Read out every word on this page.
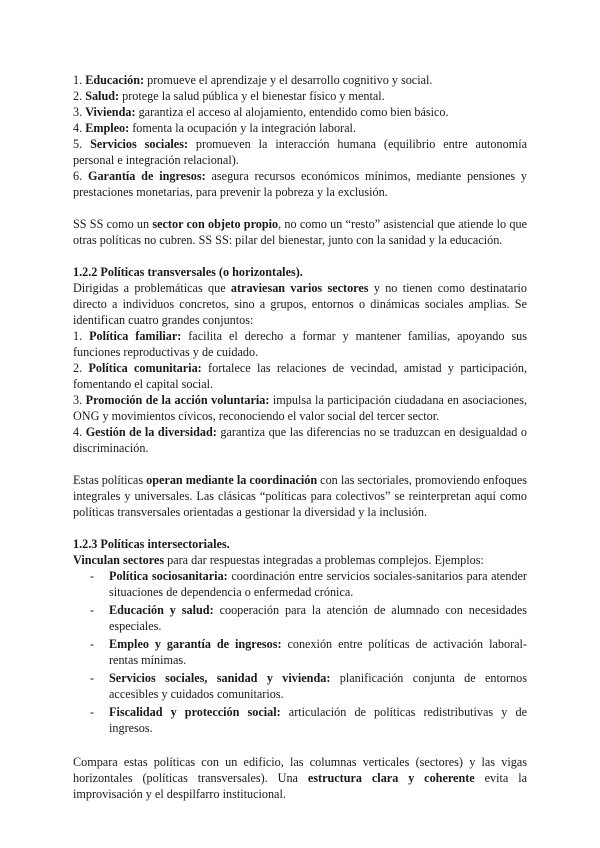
1. Educación: promueve el aprendizaje y el desarrollo cognitivo y social.

2. Salud: protege la salud pública y el bienestar físico y mental.

3. Vivienda: garantiza el acceso al alojamiento, entendido como bien básico.

4. Empleo: fomenta la ocupación y la integración laboral.

5. Servicios sociales: promueven la interacción humana (equilibrio entre autonomía personal e integración relacional).

6. Garantía de ingresos: asegura recursos económicos mínimos, mediante pensiones y prestaciones monetarias, para prevenir la pobreza y la exclusión.

SS SS como un sector con objeto propio, no como un “resto” asistencial que atiende lo que otras políticas no cubren. SS SS: pilar del bienestar, junto con la sanidad y la educación.

1.2.2 Políticas transversales (o horizontales).

Dirigidas a problemáticas que atraviesan varios sectores y no tienen como destinatario directo a individuos concretos, sino a grupos, entornos o dinámicas sociales amplias. Se identifican cuatro grandes conjuntos:

1. Política familiar: facilita el derecho a formar y mantener familias, apoyando sus funciones reproductivas y de cuidado.

2. Política comunitaria: fortalece las relaciones de vecindad, amistad y participación, fomentando el capital social.

3. Promoción de la acción voluntaria: impulsa la participación ciudadana en asociaciones, ONG y movimientos cívicos, reconociendo el valor social del tercer sector.

4. Gestión de la diversidad: garantiza que las diferencias no se traduzcan en desigualdad o discriminación.

Estas políticas operan mediante la coordinación con las sectoriales, promoviendo enfoques integrales y universales. Las clásicas “políticas para colectivos” se reinterpretan aquí como políticas transversales orientadas a gestionar la diversidad y la inclusión.

1.2.3 Políticas intersectoriales.

Vinculan sectores para dar respuestas integradas a problemas complejos. Ejemplos:

- Política sociosanitaria: coordinación entre servicios sociales-sanitarios para atender situaciones de dependencia o enfermedad crónica.
- Educación y salud: cooperación para la atención de alumnado con necesidades especiales.
- Empleo y garantía de ingresos: conexión entre políticas de activación laboral-rentas mínimas.
- Servicios sociales, sanidad y vivienda: planificación conjunta de entornos accesibles y cuidados comunitarios.
- Fiscalidad y protección social: articulación de políticas redistributivas y de ingresos.

Compara estas políticas con un edificio, las columnas verticales (sectores) y las vigas horizontales (políticas transversales). Una estructura clara y coherente evita la improvisación y el despilfarro institucional.
